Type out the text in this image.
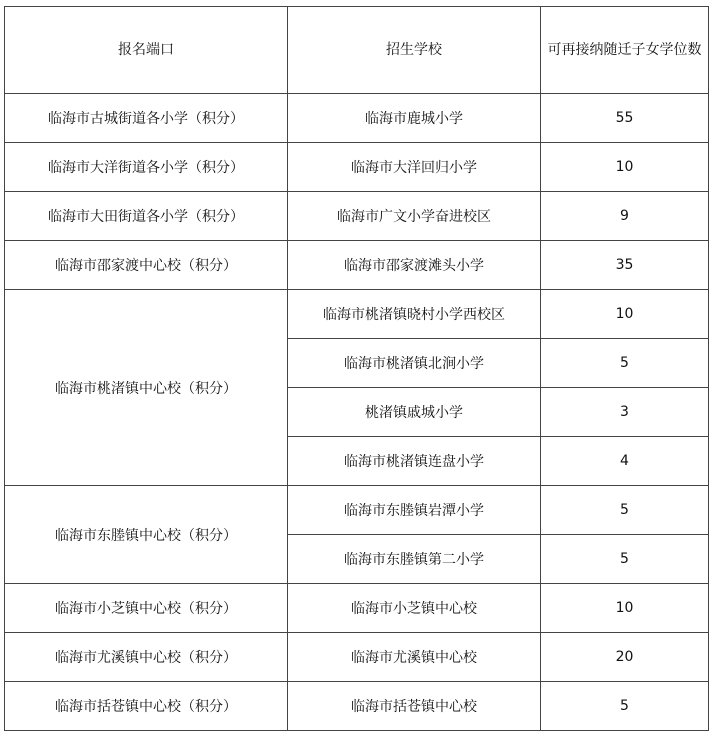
报名端口	招生学校	可再接纳随迁子女学位数
临海市古城街道各小学（积分）	临海市鹿城小学	55
临海市大洋街道各小学（积分）	临海市大洋回归小学	10
临海市大田街道各小学（积分）	临海市广文小学奋进校区	9
临海市邵家渡中心校（积分）	临海市邵家渡滩头小学	35
临海市桃渚镇中心校（积分）	临海市桃渚镇晓村小学西校区	10
	临海市桃渚镇北涧小学	5
	桃渚镇戚城小学	3
	临海市桃渚镇连盘小学	4
临海市东塍镇中心校（积分）	临海市东塍镇岩潭小学	5
	临海市东塍镇第二小学	5
临海市小芝镇中心校（积分）	临海市小芝镇中心校	10
临海市尤溪镇中心校（积分）	临海市尤溪镇中心校	20
临海市括苍镇中心校（积分）	临海市括苍镇中心校	5
